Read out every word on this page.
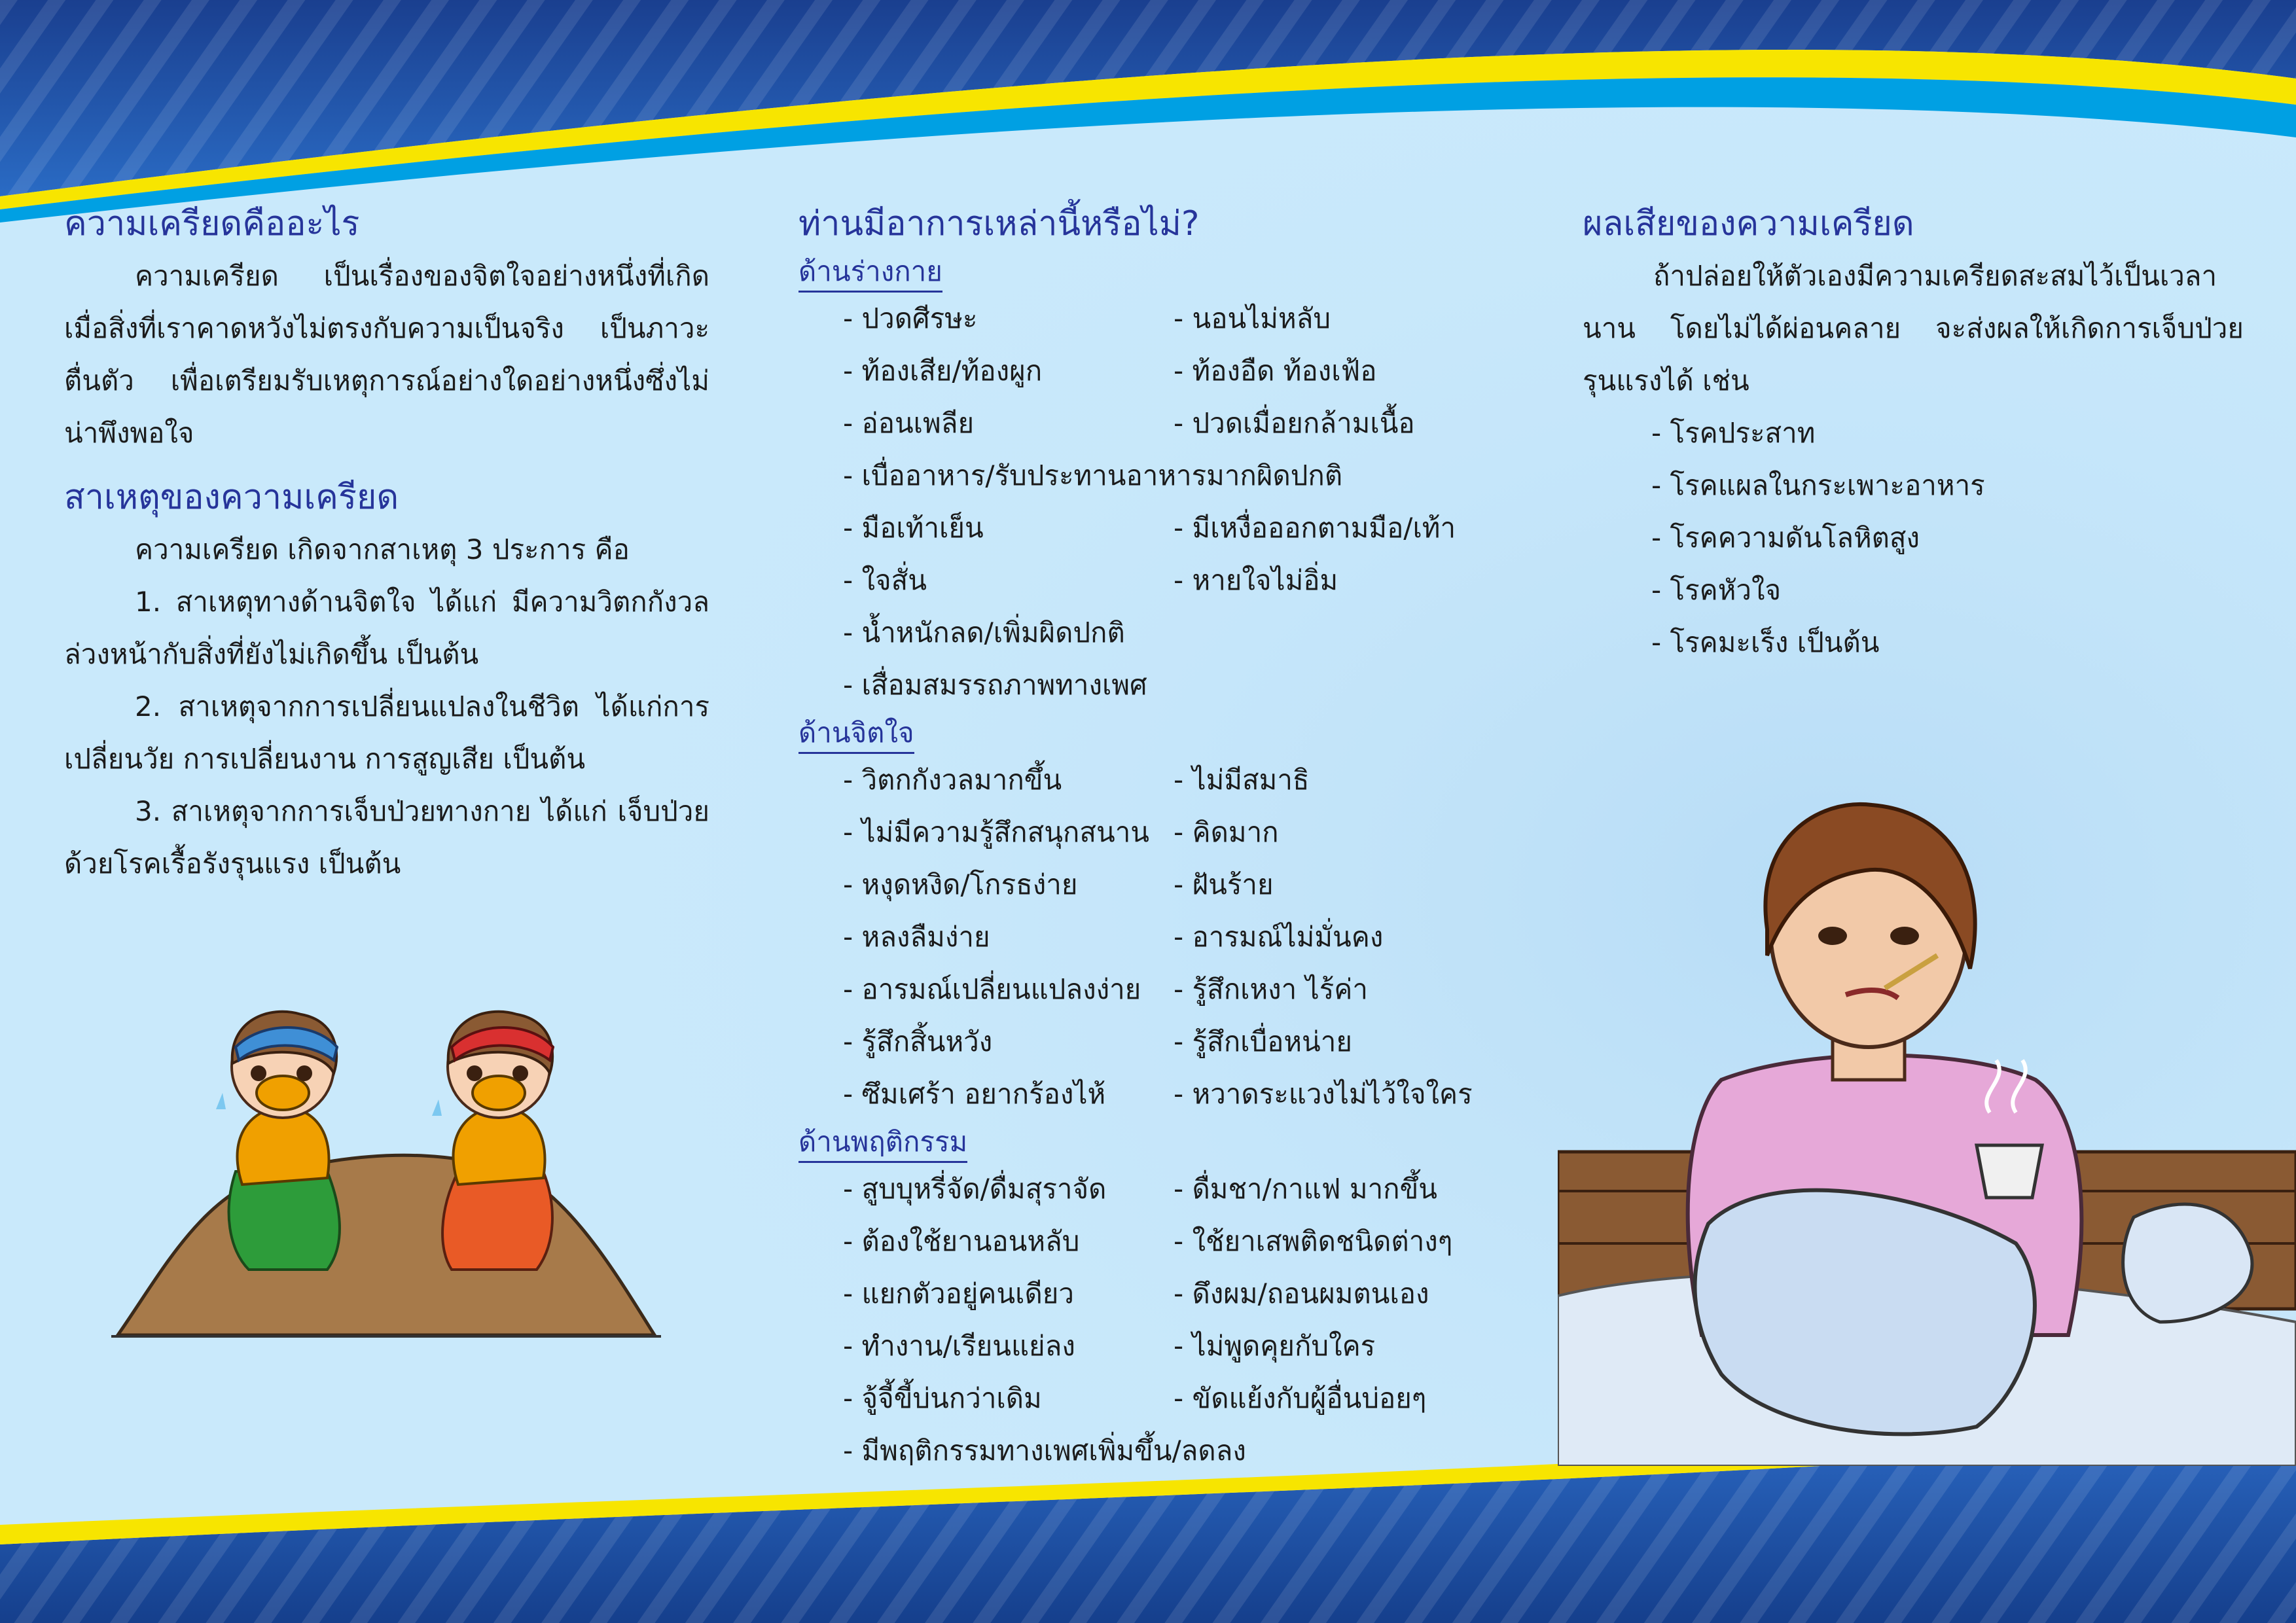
ความเครียดคืออะไร

ความเครียด เป็นเรื่องของจิตใจอย่างหนึ่งที่เกิดเมื่อสิ่งที่เราคาดหวังไม่ตรงกับความเป็นจริง เป็นภาวะตื่นตัว เพื่อเตรียมรับเหตุการณ์อย่างใดอย่างหนึ่งซึ่งไม่น่าพึงพอใจ

สาเหตุของความเครียด

ความเครียด เกิดจากสาเหตุ 3 ประการ คือ

1. สาเหตุทางด้านจิตใจ ได้แก่ มีความวิตกกังวลล่วงหน้ากับสิ่งที่ยังไม่เกิดขึ้น เป็นต้น

2. สาเหตุจากการเปลี่ยนแปลงในชีวิต ได้แก่การเปลี่ยนวัย การเปลี่ยนงาน การสูญเสีย เป็นต้น

3. สาเหตุจากการเจ็บป่วยทางกาย ได้แก่ เจ็บป่วยด้วยโรคเรื้อรังรุนแรง เป็นต้น

ท่านมีอาการเหล่านี้หรือไม่?
ด้านร่างกาย
- ปวดศีรษะ	- นอนไม่หลับ
- ท้องเสีย/ท้องผูก	- ท้องอืด ท้องเฟ้อ
- อ่อนเพลีย	- ปวดเมื่อยกล้ามเนื้อ
- เบื่ออาหาร/รับประทานอาหารมากผิดปกติ
- มือเท้าเย็น	- มีเหงื่อออกตามมือ/เท้า
- ใจสั่น	- หายใจไม่อิ่ม
- น้ำหนักลด/เพิ่มผิดปกติ
- เสื่อมสมรรถภาพทางเพศ
ด้านจิตใจ
- วิตกกังวลมากขึ้น	- ไม่มีสมาธิ
- ไม่มีความรู้สึกสนุกสนาน - คิดมาก
- หงุดหงิด/โกรธง่าย	- ฝันร้าย
- หลงลืมง่าย	- อารมณ์ไม่มั่นคง
- อารมณ์เปลี่ยนแปลงง่าย	- รู้สึกเหงา ไร้ค่า
- รู้สึกสิ้นหวัง	- รู้สึกเบื่อหน่าย
- ซึมเศร้า อยากร้องไห้	- หวาดระแวงไม่ไว้ใจใคร
ด้านพฤติกรรม
- สูบบุหรี่จัด/ดื่มสุราจัด	- ดื่มชา/กาแฟ มากขึ้น
- ต้องใช้ยานอนหลับ	- ใช้ยาเสพติดชนิดต่างๆ
- แยกตัวอยู่คนเดียว	- ดึงผม/ถอนผมตนเอง
- ทำงาน/เรียนแย่ลง	- ไม่พูดคุยกับใคร
- จู้จี้ขี้บ่นกว่าเดิม	- ขัดแย้งกับผู้อื่นบ่อยๆ
- มีพฤติกรรมทางเพศเพิ่มขึ้น/ลดลง
ผลเสียของความเครียด

ถ้าปล่อยให้ตัวเองมีความเครียดสะสมไว้เป็นเวลานาน โดยไม่ได้ผ่อนคลาย จะส่งผลให้เกิดการเจ็บป่วยรุนแรงได้ เช่น

- โรคประสาท
- โรคแผลในกระเพาะอาหาร
- โรคความดันโลหิตสูง
- โรคหัวใจ
- โรคมะเร็ง เป็นต้น
